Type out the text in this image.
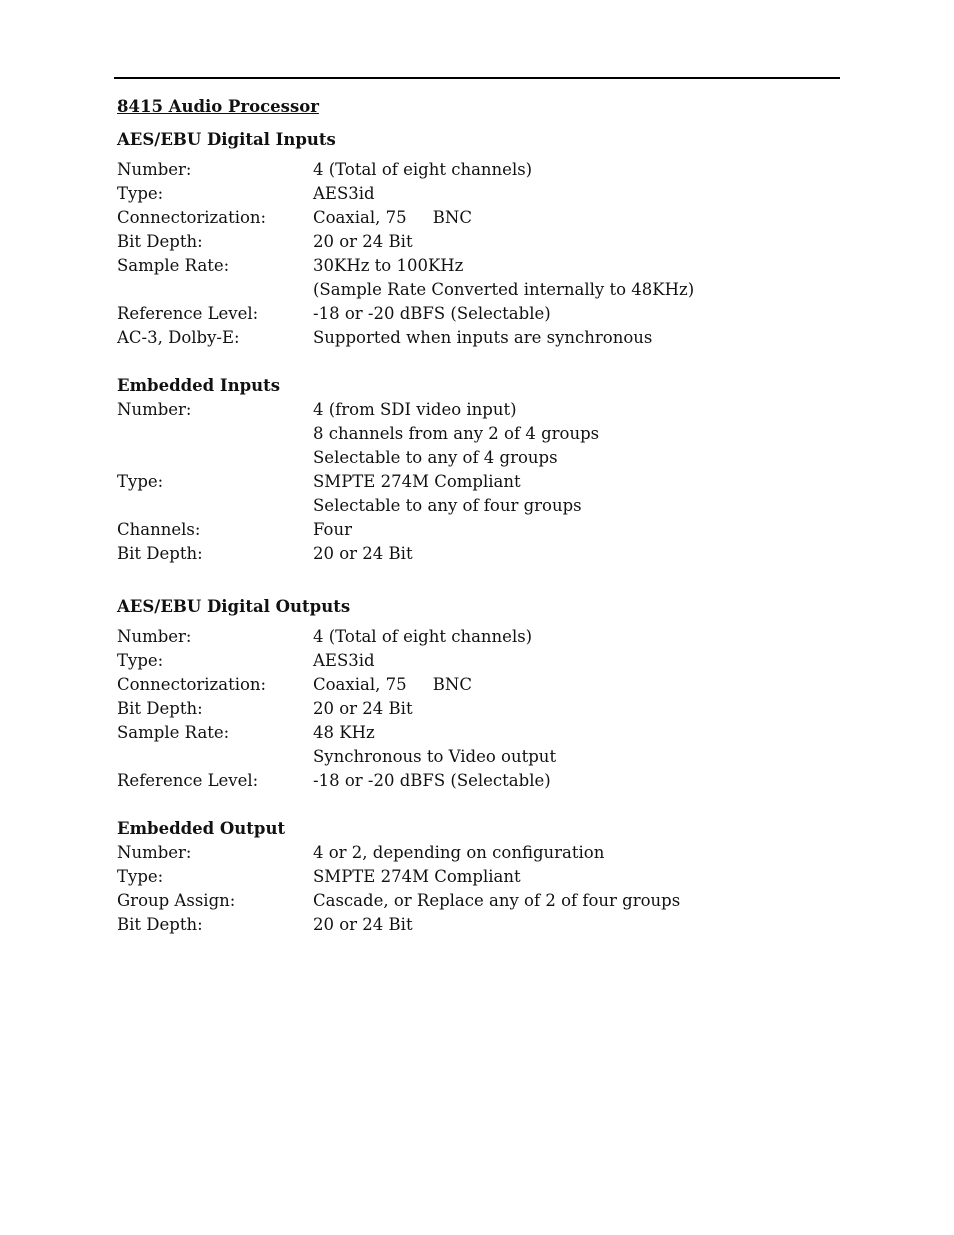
8415 Audio Processor
AES/EBU Digital Inputs
Number:	4 (Total of eight channels)
Type:	AES3id
Connectorization:	Coaxial, 75     BNC
Bit Depth:	20 or 24 Bit
Sample Rate:	30KHz to 100KHz
(Sample Rate Converted internally to 48KHz)
Reference Level:	-18 or -20 dBFS (Selectable)
AC-3, Dolby-E:	Supported when inputs are synchronous
Embedded Inputs
Number:	4 (from SDI video input)
8 channels from any 2 of 4 groups
Selectable to any of 4 groups
Type:	SMPTE 274M Compliant
Selectable to any of four groups
Channels:	Four
Bit Depth:	20 or 24 Bit
AES/EBU Digital Outputs
Number:	4 (Total of eight channels)
Type:	AES3id
Connectorization:	Coaxial, 75     BNC
Bit Depth:	20 or 24 Bit
Sample Rate:	48 KHz
Synchronous to Video output
Reference Level:	-18 or -20 dBFS (Selectable)
Embedded Output
Number:	4 or 2, depending on configuration
Type:	SMPTE 274M Compliant
Group Assign:	Cascade, or Replace any of 2 of four groups
Bit Depth:	20 or 24 Bit
